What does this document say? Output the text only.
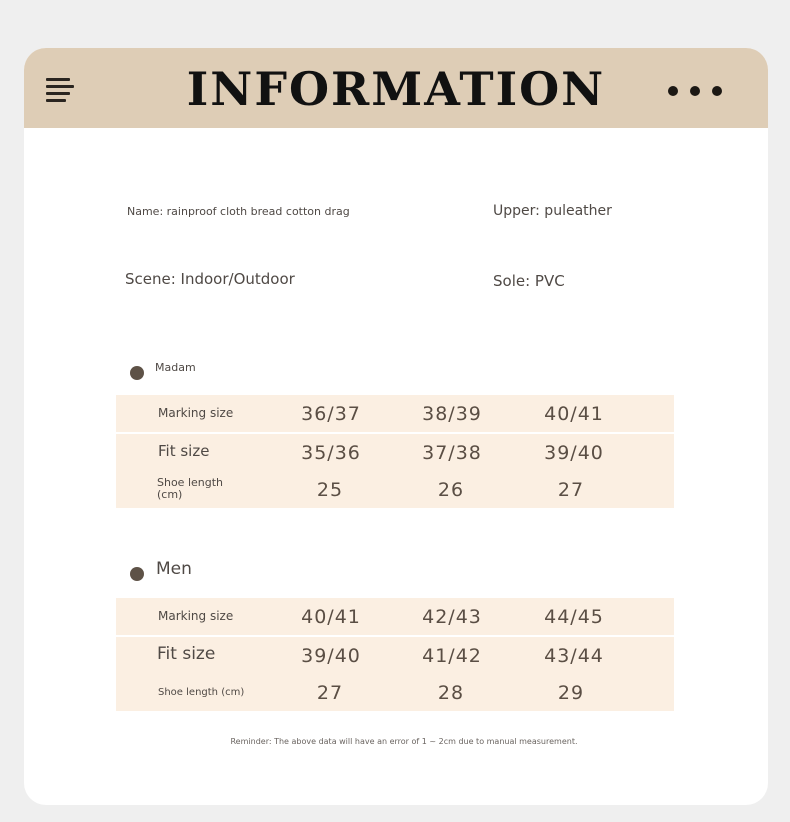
INFORMATION
Name: rainproof cloth bread cotton drag	Upper: puleather
Scene: Indoor/Outdoor	Sole: PVC
Madam
Marking size	36/37	38/39	40/41
Fit size	35/36	37/38	39/40
Shoe length (cm)	25	26	27
Men
Marking size	40/41	42/43	44/45
Fit size	39/40	41/42	43/44
Shoe length (cm)	27	28	29
Reminder: The above data will have an error of 1 ~ 2cm due to manual measurement.
